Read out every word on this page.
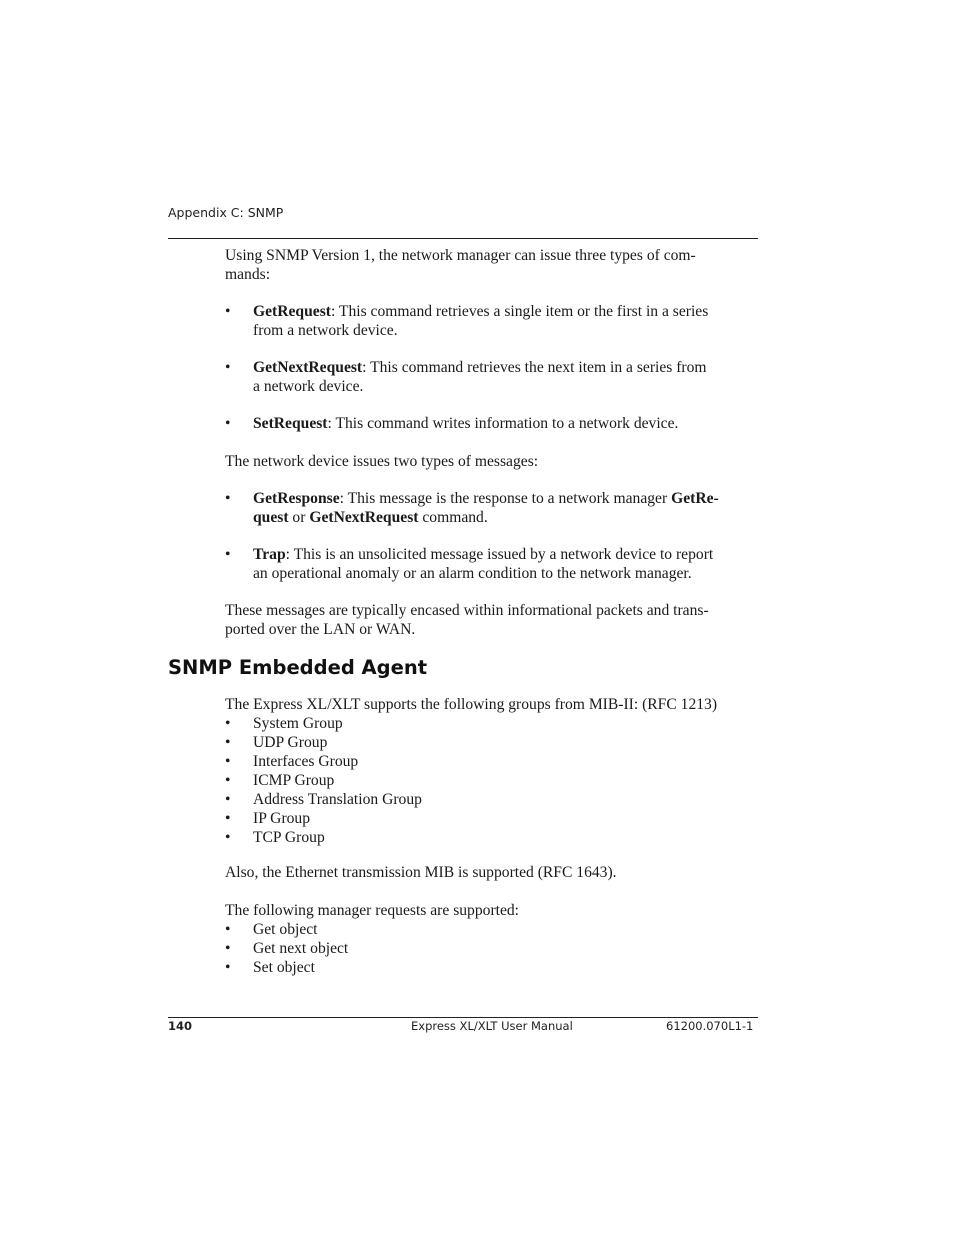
Appendix C: SNMP

Using SNMP Version 1, the network manager can issue three types of com-
mands:

• GetRequest: This command retrieves a single item or the first in a series
from a network device.

• GetNextRequest: This command retrieves the next item in a series from
a network device.

• SetRequest: This command writes information to a network device.

The network device issues two types of messages:

• GetResponse: This message is the response to a network manager GetRe-
quest or GetNextRequest command.

• Trap: This is an unsolicited message issued by a network device to report
an operational anomaly or an alarm condition to the network manager.

These messages are typically encased within informational packets and trans-
ported over the LAN or WAN.

SNMP Embedded Agent

The Express XL/XLT supports the following groups from MIB-II: (RFC 1213)

• System Group

• UDP Group

• Interfaces Group

• ICMP Group

• Address Translation Group

• IP Group

• TCP Group

Also, the Ethernet transmission MIB is supported (RFC 1643).

The following manager requests are supported:

• Get object

• Get next object

• Set object

140	Express XL/XLT User Manual	61200.070L1-1
